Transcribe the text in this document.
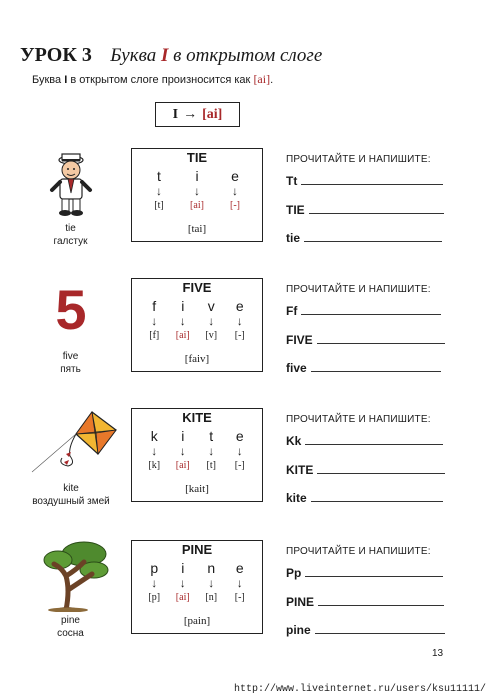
УРОК 3 Буква I в открытом слоге
Буква I в открытом слоге произносится как [ai].
I → [ai]
tie
галстук
TIE
t
↓
[t]
i
↓
[ai]
e
↓
[-]
[tai]
ПРОЧИТАЙТЕ И НАПИШИТЕ:
Tt
TIE
tie
5
five
пять
FIVE
f
↓
[f]
i
↓
[ai]
v
↓
[v]
e
↓
[-]
[faiv]
ПРОЧИТАЙТЕ И НАПИШИТЕ:
Ff
FIVE
five
kite
воздушный змей
KITE
k
↓
[k]
i
↓
[ai]
t
↓
[t]
e
↓
[-]
[kait]
ПРОЧИТАЙТЕ И НАПИШИТЕ:
Kk
KITE
kite
pine
сосна
PINE
p
↓
[p]
i
↓
[ai]
n
↓
[n]
e
↓
[-]
[pain]
ПРОЧИТАЙТЕ И НАПИШИТЕ:
Pp
PINE
pine
13
http://www.liveinternet.ru/users/ksu11111/
